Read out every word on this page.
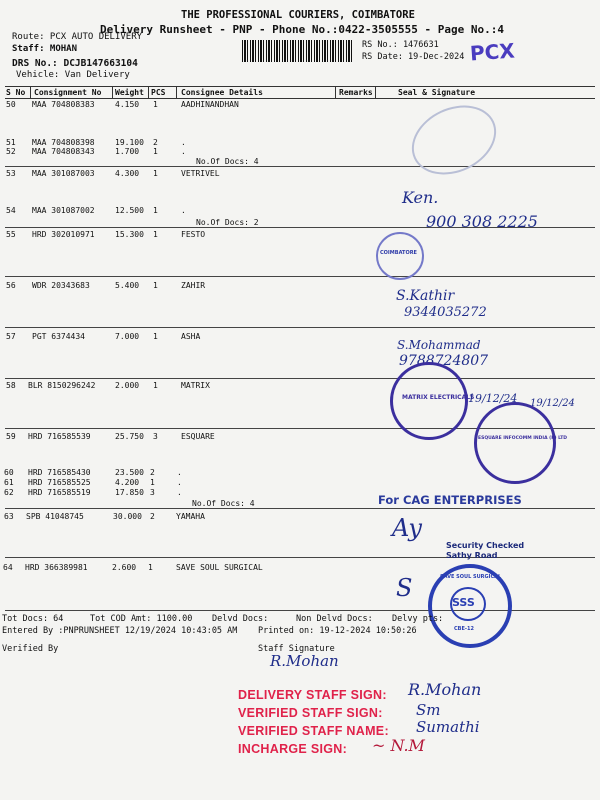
THE PROFESSIONAL COURIERS, COIMBATORE
Delivery Runsheet - PNP - Phone No.:0422-3505555 - Page No.:4
Route: PCX AUTO DELIVERY
Staff: MOHAN
DRS No.: DCJB147663104
Vehicle: Van Delivery
RS No.: 1476631
RS Date: 19-Dec-2024 PCX
S No Consignment No Weight PCS Consignee Details	Remarks	Seal & Signature
50 MAA 704808383	4.150 1	AADHINANDHAN
51 MAA 704808398	19.100 2	.
52 MAA 704808343	1.700 1	.
No.Of Docs: 4
53 MAA 301087003	4.300 1	VETRIVEL
54 MAA 301087002	12.500 1	.
No.Of Docs: 2
55 HRD 302010971	15.300 1	FESTO
56 WDR 20343683	5.400 1	ZAHIR
57 PGT 6374434	7.000 1	ASHA
58 BLR 8150296242 2.000 1	MATRIX
59 HRD 716585539	25.750 3	ESQUARE
60 HRD 716585430	23.500 2	.
61 HRD 716585525	4.200 1	.
62 HRD 716585519	17.850 3	.
No.Of Docs: 4
63 SPB 41048745	30.000 2	YAMAHA
64 HRD 366389981	2.600 1	SAVE SOUL SURGICAL
Ken.
900 308 2225
COIMBATORE
S.Kathir
9344035272
S.Mohammad
9788724807
MATRIX ELECTRICALS
19/12/24 19/12/24
ESQUARE INFOCOMM INDIA (P) LTD
For CAG ENTERPRISES
Ay
Security Checked
Sathy Road
S
SSS
SAVE SOUL SURGICAL
CBE-12
Tot Docs: 64	Tot COD Amt: 1100.00 Delvd Docs:	Non Delvd Docs: Delvy pts:
Entered By :PNPRUNSHEET 12/19/2024 10:43:05 AM Printed on: 19-12-2024 10:50:26
Verified By	Staff Signature
R.Mohan
DELIVERY STAFF SIGN: R.Mohan
VERIFIED STAFF SIGN: Sm
VERIFIED STAFF NAME: Sumathi
INCHARGE SIGN: ~ N.M
